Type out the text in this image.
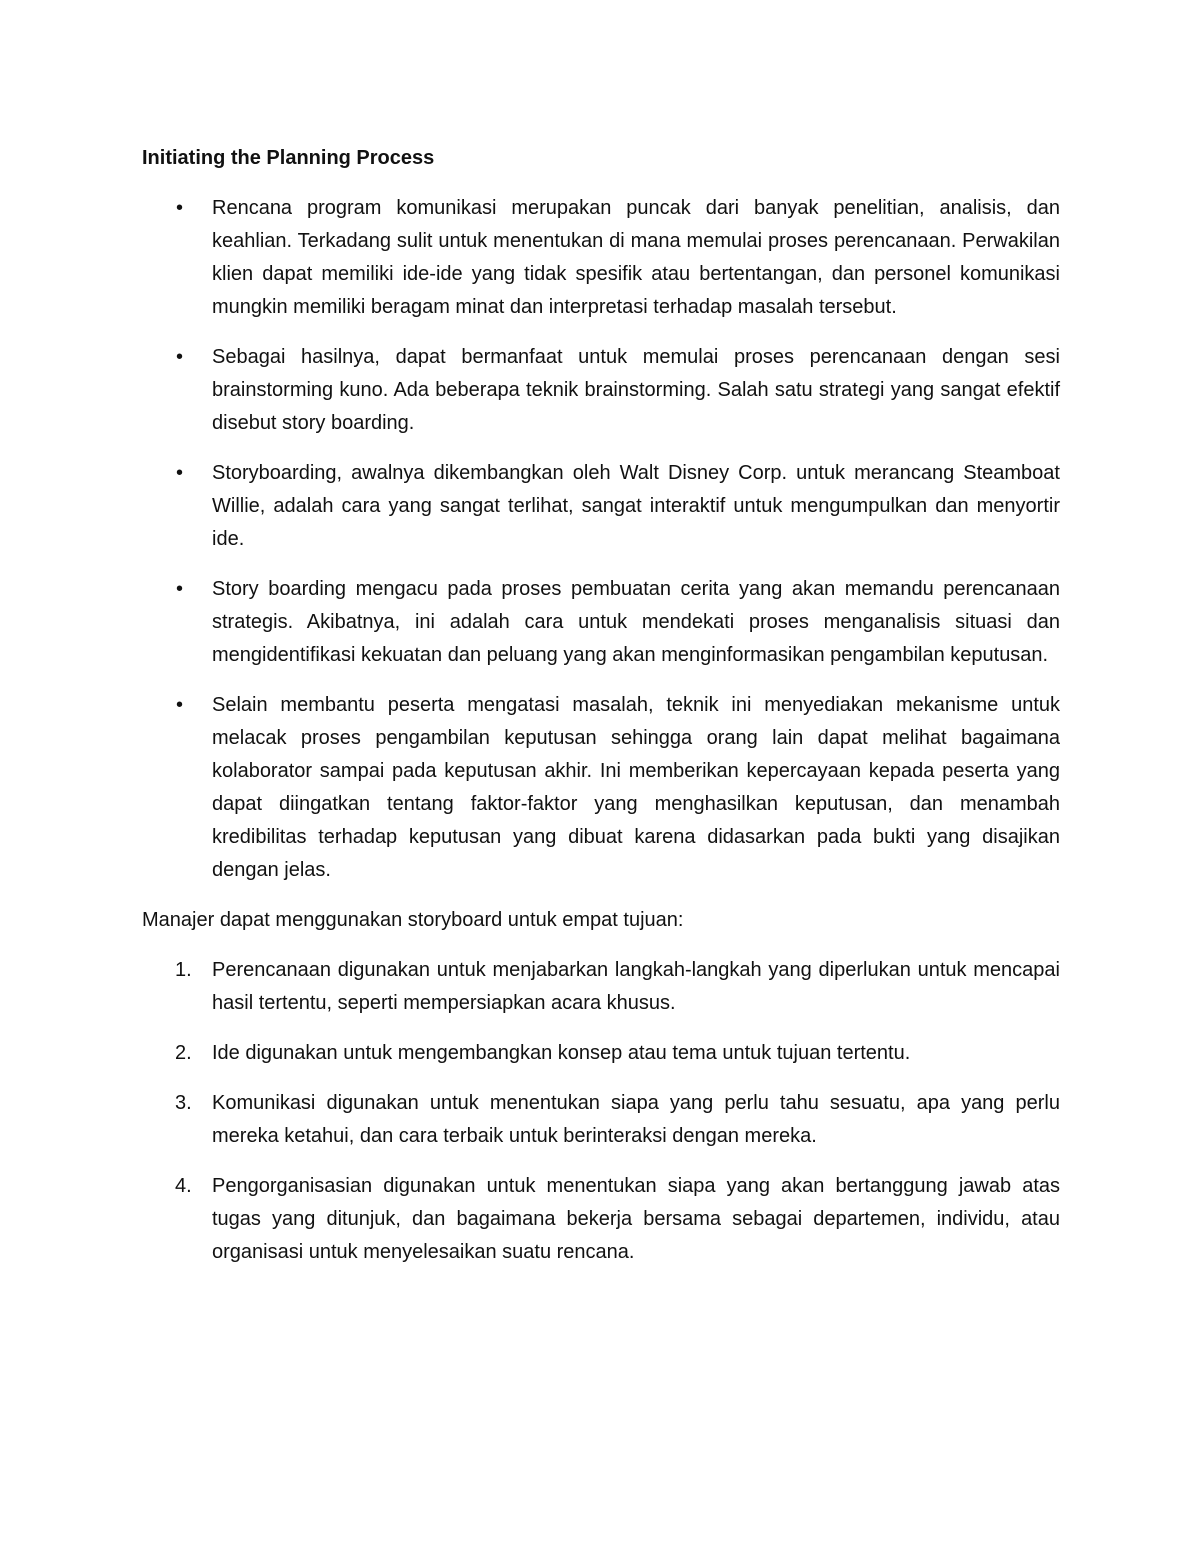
Initiating the Planning Process
•	Rencana program komunikasi merupakan puncak dari banyak penelitian, analisis, dan keahlian. Terkadang sulit untuk menentukan di mana memulai proses perencanaan. Perwakilan klien dapat memiliki ide-ide yang tidak spesifik atau bertentangan, dan personel komunikasi mungkin memiliki beragam minat dan interpretasi terhadap masalah tersebut.
•	Sebagai hasilnya, dapat bermanfaat untuk memulai proses perencanaan dengan sesi brainstorming kuno. Ada beberapa teknik brainstorming. Salah satu strategi yang sangat efektif disebut story boarding.
•	Storyboarding, awalnya dikembangkan oleh Walt Disney Corp. untuk merancang Steamboat Willie, adalah cara yang sangat terlihat, sangat interaktif untuk mengumpulkan dan menyortir ide.
•	Story boarding mengacu pada proses pembuatan cerita yang akan memandu perencanaan strategis. Akibatnya, ini adalah cara untuk mendekati proses menganalisis situasi dan mengidentifikasi kekuatan dan peluang yang akan menginformasikan pengambilan keputusan.
•	Selain membantu peserta mengatasi masalah, teknik ini menyediakan mekanisme untuk melacak proses pengambilan keputusan sehingga orang lain dapat melihat bagaimana kolaborator sampai pada keputusan akhir. Ini memberikan kepercayaan kepada peserta yang dapat diingatkan tentang faktor-faktor yang menghasilkan keputusan, dan menambah kredibilitas terhadap keputusan yang dibuat karena didasarkan pada bukti yang disajikan dengan jelas.

Manajer dapat menggunakan storyboard untuk empat tujuan:

1.	Perencanaan digunakan untuk menjabarkan langkah-langkah yang diperlukan untuk mencapai hasil tertentu, seperti mempersiapkan acara khusus.
2.	Ide digunakan untuk mengembangkan konsep atau tema untuk tujuan tertentu.
3.	Komunikasi digunakan untuk menentukan siapa yang perlu tahu sesuatu, apa yang perlu mereka ketahui, dan cara terbaik untuk berinteraksi dengan mereka.
4.	Pengorganisasian digunakan untuk menentukan siapa yang akan bertanggung jawab atas tugas yang ditunjuk, dan bagaimana bekerja bersama sebagai departemen, individu, atau organisasi untuk menyelesaikan suatu rencana.
